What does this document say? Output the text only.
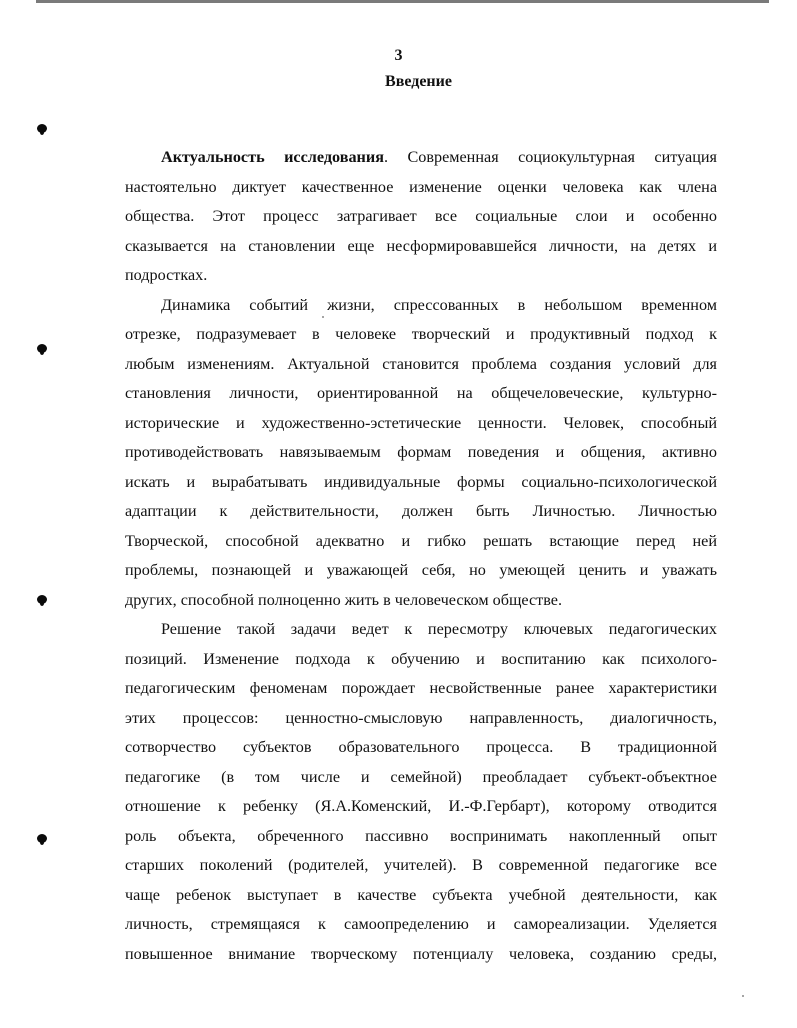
3
Введение
Актуальность исследования. Современная социокультурная ситуация
настоятельно диктует качественное изменение оценки человека как члена
общества. Этот процесс затрагивает все социальные слои и особенно
сказывается на становлении еще несформировавшейся личности, на детях и
подростках.
Динамика событий жизни, спрессованных в небольшом временном
отрезке, подразумевает в человеке творческий и продуктивный подход к
любым изменениям. Актуальной становится проблема создания условий для
становления личности, ориентированной на общечеловеческие, культурно-
исторические и художественно-эстетические ценности. Человек, способный
противодействовать навязываемым формам поведения и общения, активно
искать и вырабатывать индивидуальные формы социально-психологической
адаптации к действительности, должен быть Личностью. Личностью
Творческой, способной адекватно и гибко решать встающие перед ней
проблемы, познающей и уважающей себя, но умеющей ценить и уважать
других, способной полноценно жить в человеческом обществе.
Решение такой задачи ведет к пересмотру ключевых педагогических
позиций. Изменение подхода к обучению и воспитанию как психолого-
педагогическим феноменам порождает несвойственные ранее характеристики
этих процессов: ценностно-смысловую направленность, диалогичность,
сотворчество субъектов образовательного процесса. В традиционной
педагогике (в том числе и семейной) преобладает субъект-объектное
отношение к ребенку (Я.А.Коменский, И.-Ф.Гербарт), которому отводится
роль объекта, обреченного пассивно воспринимать накопленный опыт
старших поколений (родителей, учителей). В современной педагогике все
чаще ребенок выступает в качестве субъекта учебной деятельности, как
личность, стремящаяся к самоопределению и самореализации. Уделяется
повышенное внимание творческому потенциалу человека, созданию среды,
